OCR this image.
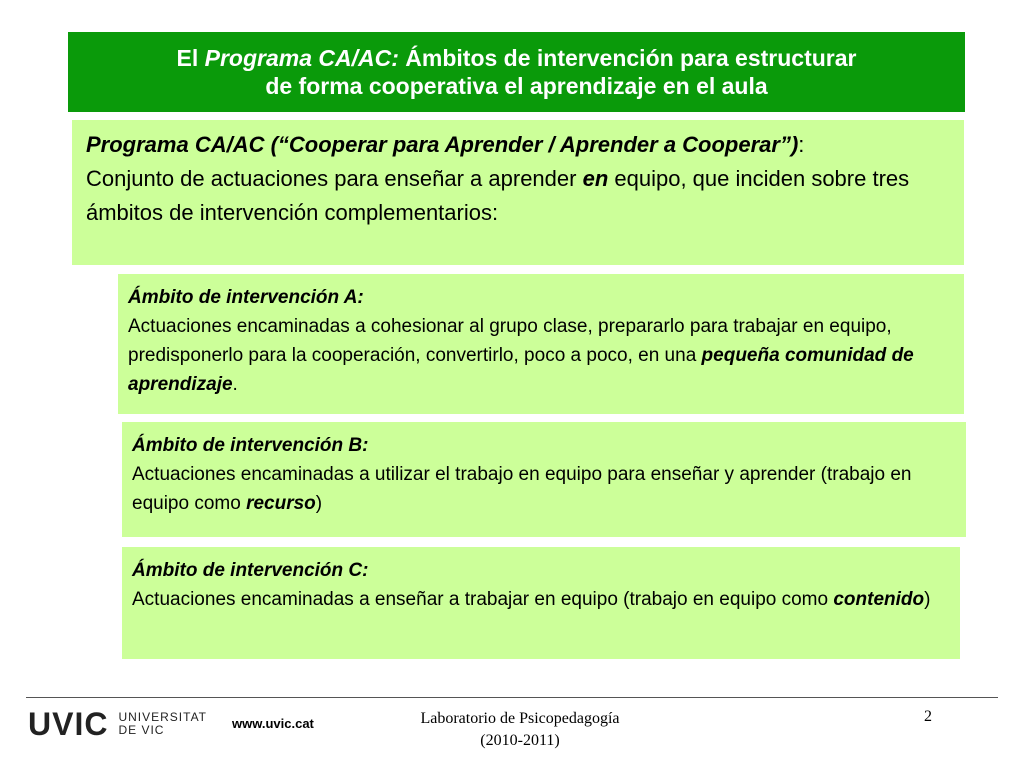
El Programa CA/AC: Ámbitos de intervención para estructurar
de forma cooperativa el aprendizaje en el aula
Programa CA/AC (“Cooperar para Aprender / Aprender a Cooperar”):
Conjunto de actuaciones para enseñar a aprender en equipo, que inciden sobre tres ámbitos de intervención complementarios:
Ámbito de intervención A:
Actuaciones encaminadas a cohesionar al grupo clase, prepararlo para trabajar en equipo, predisponerlo para la cooperación, convertirlo, poco a poco, en una pequeña comunidad de aprendizaje.
Ámbito de intervención B:
Actuaciones encaminadas a utilizar el trabajo en equipo para enseñar y aprender (trabajo en equipo como recurso)
Ámbito de intervención C:
Actuaciones encaminadas a enseñar a trabajar en equipo (trabajo en equipo como contenido)
UVIC UNIVERSITAT
DE VIC	www.uvic.cat	Laboratorio de Psicopedagogía
(2010-2011)
2
